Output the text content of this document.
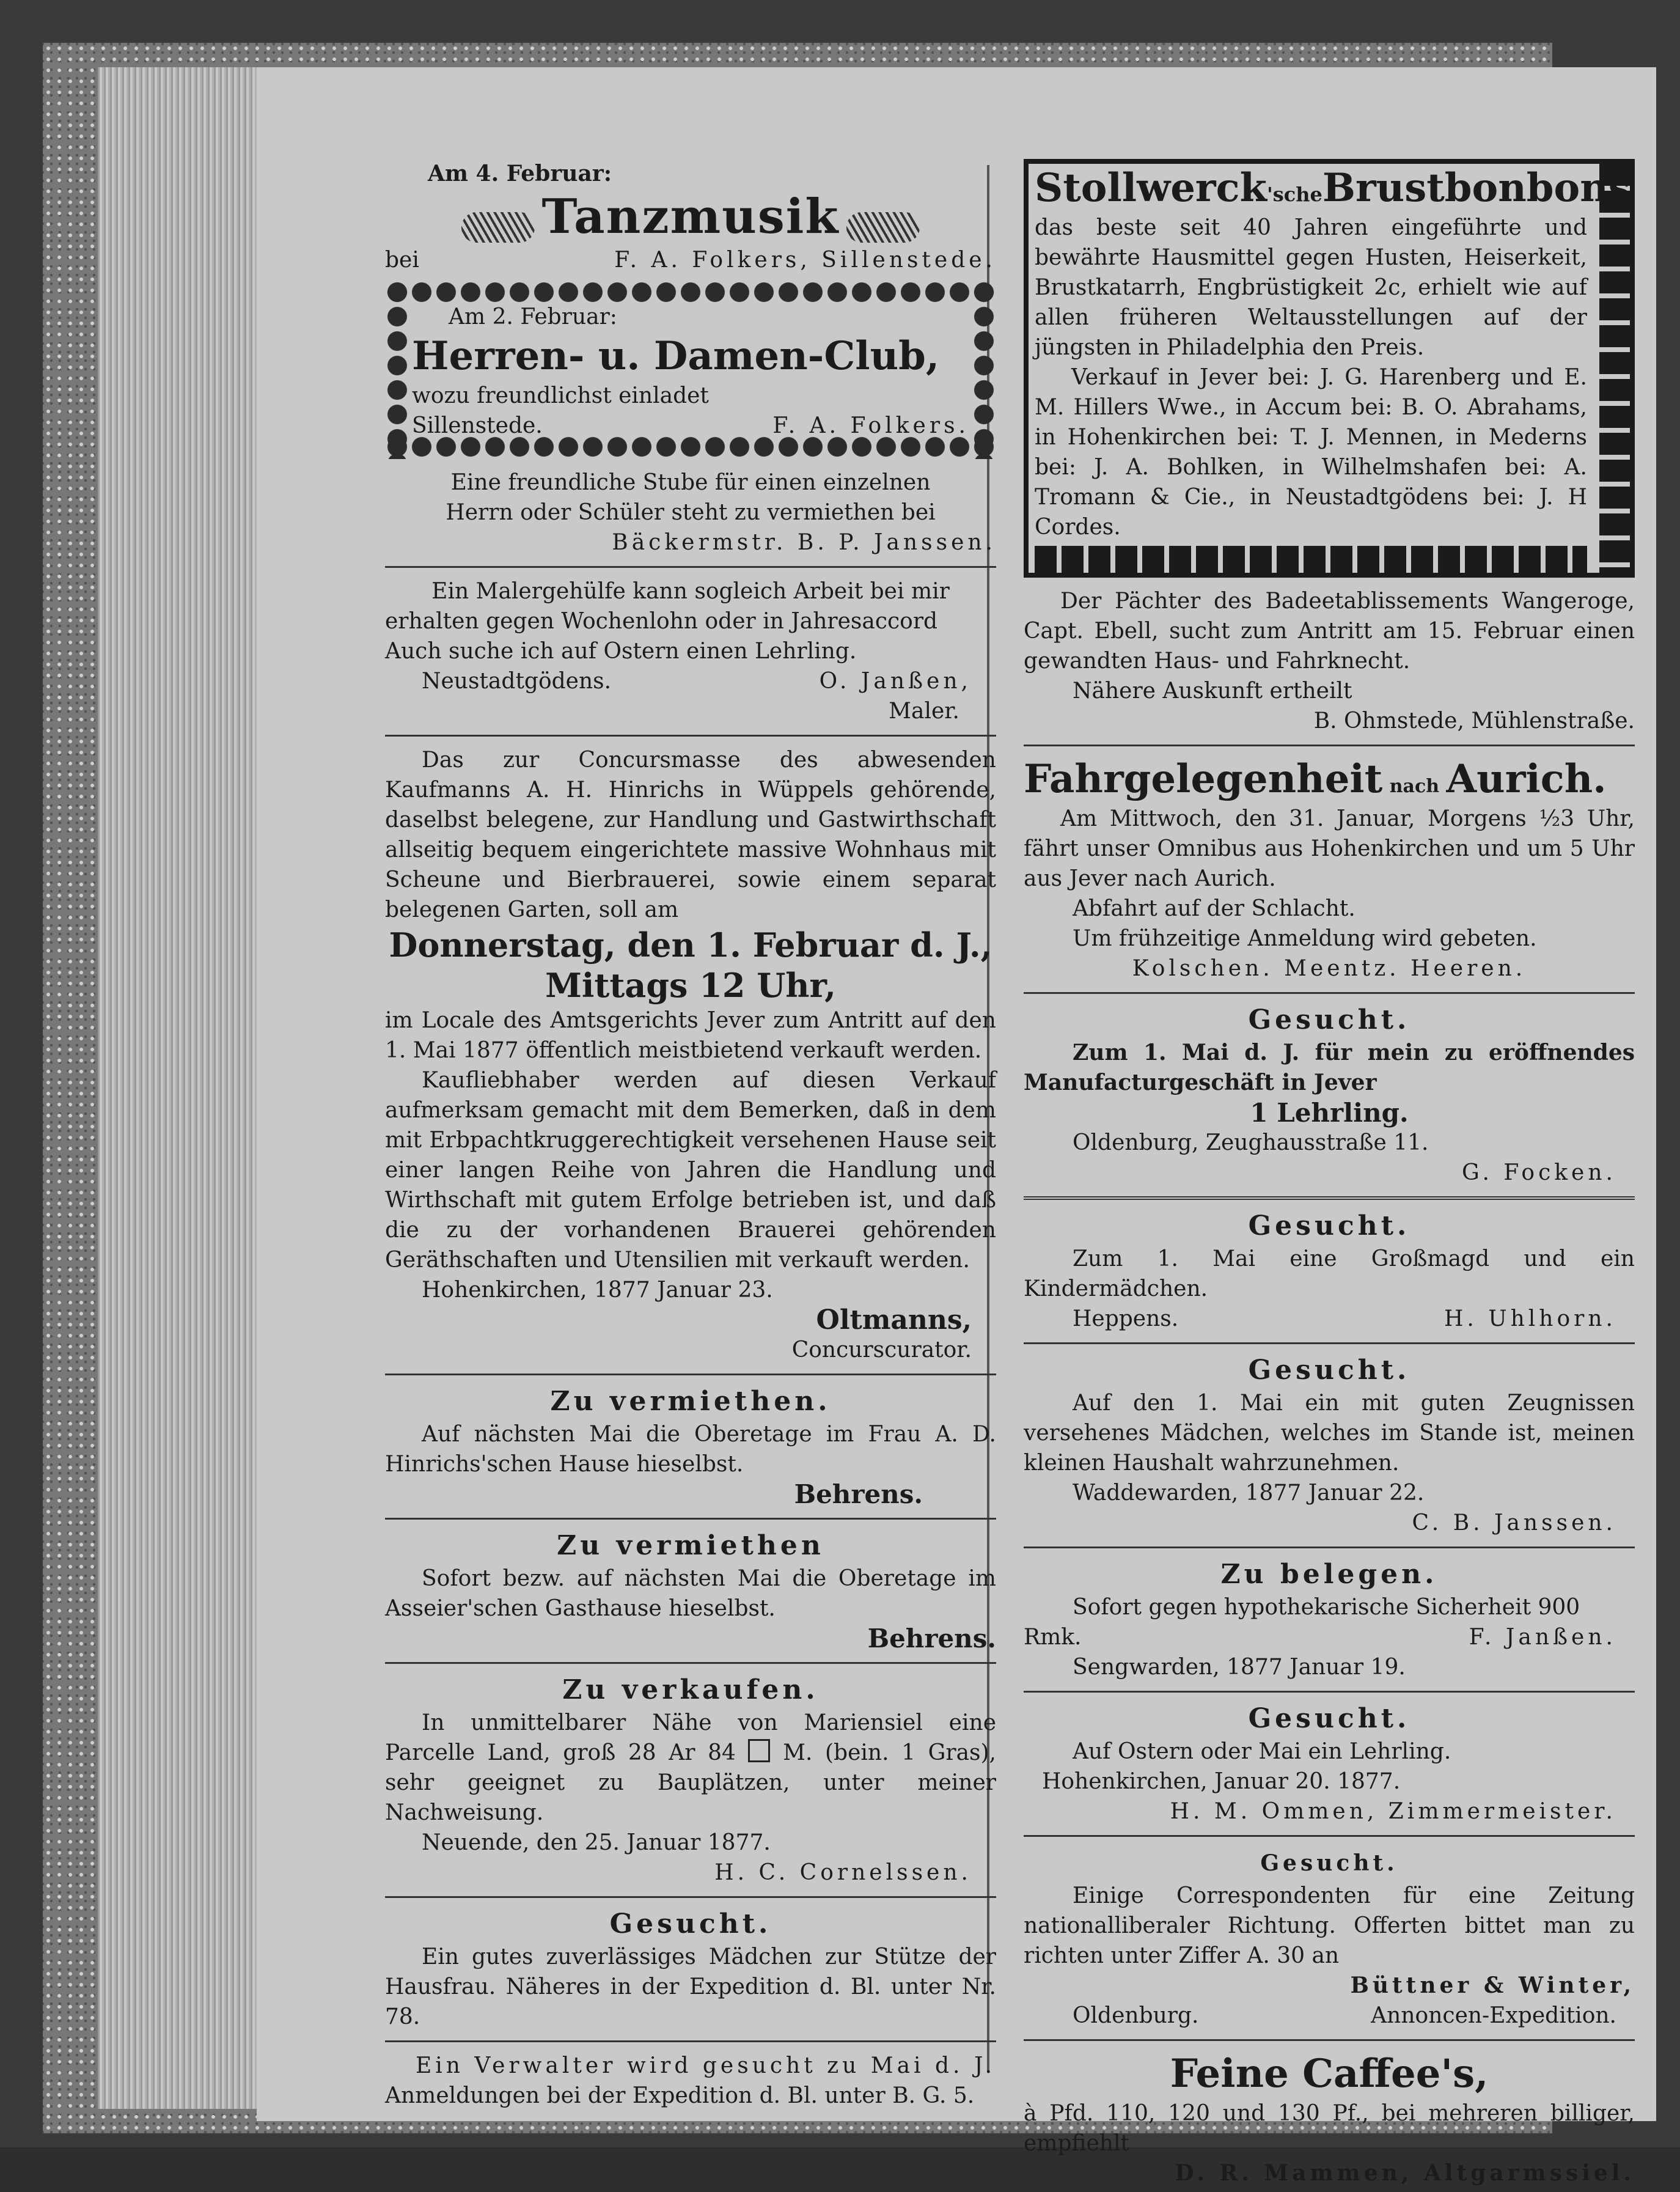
Am 4. Februar:
Tanzmusik
bei	F. A. Folkers, Sillenstede.
Am 2. Februar:
Herren- u. Damen-Club,
wozu freundlichst einladet
Sillenstede.	F. A. Folkers.
Eine freundliche Stube für einen einzelnen
Herrn oder Schüler steht zu vermiethen bei
Bäckermstr. B. P. Janssen.
Ein Malergehülfe kann sogleich Arbeit bei mir
erhalten gegen Wochenlohn oder in Jahresaccord
Auch suche ich auf Ostern einen Lehrling.
Neustadtgödens.	O. Janßen,
Maler.
Das zur Concursmasse des abwesenden Kaufmanns A. H. Hinrichs in Wüppels gehörende, daselbst belegene, zur Handlung und Gastwirthschaft allseitig bequem eingerichtete massive Wohnhaus mit Scheune und Bierbrauerei, sowie einem separat belegenen Garten, soll am
Donnerstag, den 1. Februar d. J.,
Mittags 12 Uhr,
im Locale des Amtsgerichts Jever zum Antritt auf den 1. Mai 1877 öffentlich meistbietend verkauft werden.
Kaufliebhaber werden auf diesen Verkauf aufmerksam gemacht mit dem Bemerken, daß in dem mit Erbpachtkruggerechtigkeit versehenen Hause seit einer langen Reihe von Jahren die Handlung und Wirthschaft mit gutem Erfolge betrieben ist, und daß die zu der vorhandenen Brauerei gehörenden Geräthschaften und Utensilien mit verkauft werden.
Hohenkirchen, 1877 Januar 23.
Oltmanns,
Concurscurator.
Zu vermiethen.
Auf nächsten Mai die Oberetage im Frau A. D. Hinrichs'schen Hause hieselbst.
Behrens.
Zu vermiethen
Sofort bezw. auf nächsten Mai die Oberetage im Asseier'schen Gasthause hieselbst.
Behrens.
Zu verkaufen.
In unmittelbarer Nähe von Mariensiel eine Parcelle Land, groß 28 Ar 84 M. (bein. 1 Gras), sehr geeignet zu Bauplätzen, unter meiner Nachweisung.
Neuende, den 25. Januar 1877.
H. C. Cornelssen.
Gesucht.
Ein gutes zuverlässiges Mädchen zur Stütze der Hausfrau. Näheres in der Expedition d. Bl. unter Nr. 78.
Ein Verwalter wird gesucht zu Mai d. J.
Anmeldungen bei der Expedition d. Bl. unter B. G. 5.
Stollwerck'scheBrustbonbons
das beste seit 40 Jahren eingeführte und bewährte Hausmittel gegen Husten, Heiserkeit, Brustkatarrh, Engbrüstigkeit 2c, erhielt wie auf allen früheren Weltausstellungen auf der jüngsten in Philadelphia den Preis.
Verkauf in Jever bei: J. G. Harenberg und E. M. Hillers Wwe., in Accum bei: B. O. Abrahams, in Hohenkirchen bei: T. J. Mennen, in Mederns bei: J. A. Bohlken, in Wilhelmshafen bei: A. Tromann & Cie., in Neustadtgödens bei: J. H Cordes.
Der Pächter des Badeetablissements Wangeroge, Capt. Ebell, sucht zum Antritt am 15. Februar einen gewandten Haus- und Fahrknecht.
Nähere Auskunft ertheilt
B. Ohmstede, Mühlenstraße.
Fahrgelegenheit nach Aurich.
Am Mittwoch, den 31. Januar, Morgens ½3 Uhr, fährt unser Omnibus aus Hohenkirchen und um 5 Uhr aus Jever nach Aurich.
Abfahrt auf der Schlacht.
Um frühzeitige Anmeldung wird gebeten.
Kolschen. Meentz. Heeren.
Gesucht.
Zum 1. Mai d. J. für mein zu eröffnendes Manufacturgeschäft in Jever
1 Lehrling.
Oldenburg, Zeughausstraße 11.
G. Focken.
Gesucht.
Zum 1. Mai eine Großmagd und ein Kindermädchen.
Heppens.	H. Uhlhorn.
Gesucht.
Auf den 1. Mai ein mit guten Zeugnissen versehenes Mädchen, welches im Stande ist, meinen kleinen Haushalt wahrzunehmen.
Waddewarden, 1877 Januar 22.
C. B. Janssen.
Zu belegen.
Sofort gegen hypothekarische Sicherheit 900
Rmk.	F. Janßen.
Sengwarden, 1877 Januar 19.
Gesucht.
Auf Ostern oder Mai ein Lehrling.
Hohenkirchen, Januar 20. 1877.
H. M. Ommen, Zimmermeister.
Gesucht.
Einige Correspondenten für eine Zeitung nationalliberaler Richtung. Offerten bittet man zu richten unter Ziffer A. 30 an
Büttner & Winter,
Oldenburg.	Annoncen-Expedition.
Feine Caffee's,
à Pfd. 110, 120 und 130 Pf., bei mehreren billiger, empfiehlt
D. R. Mammen, Altgarmssiel.
